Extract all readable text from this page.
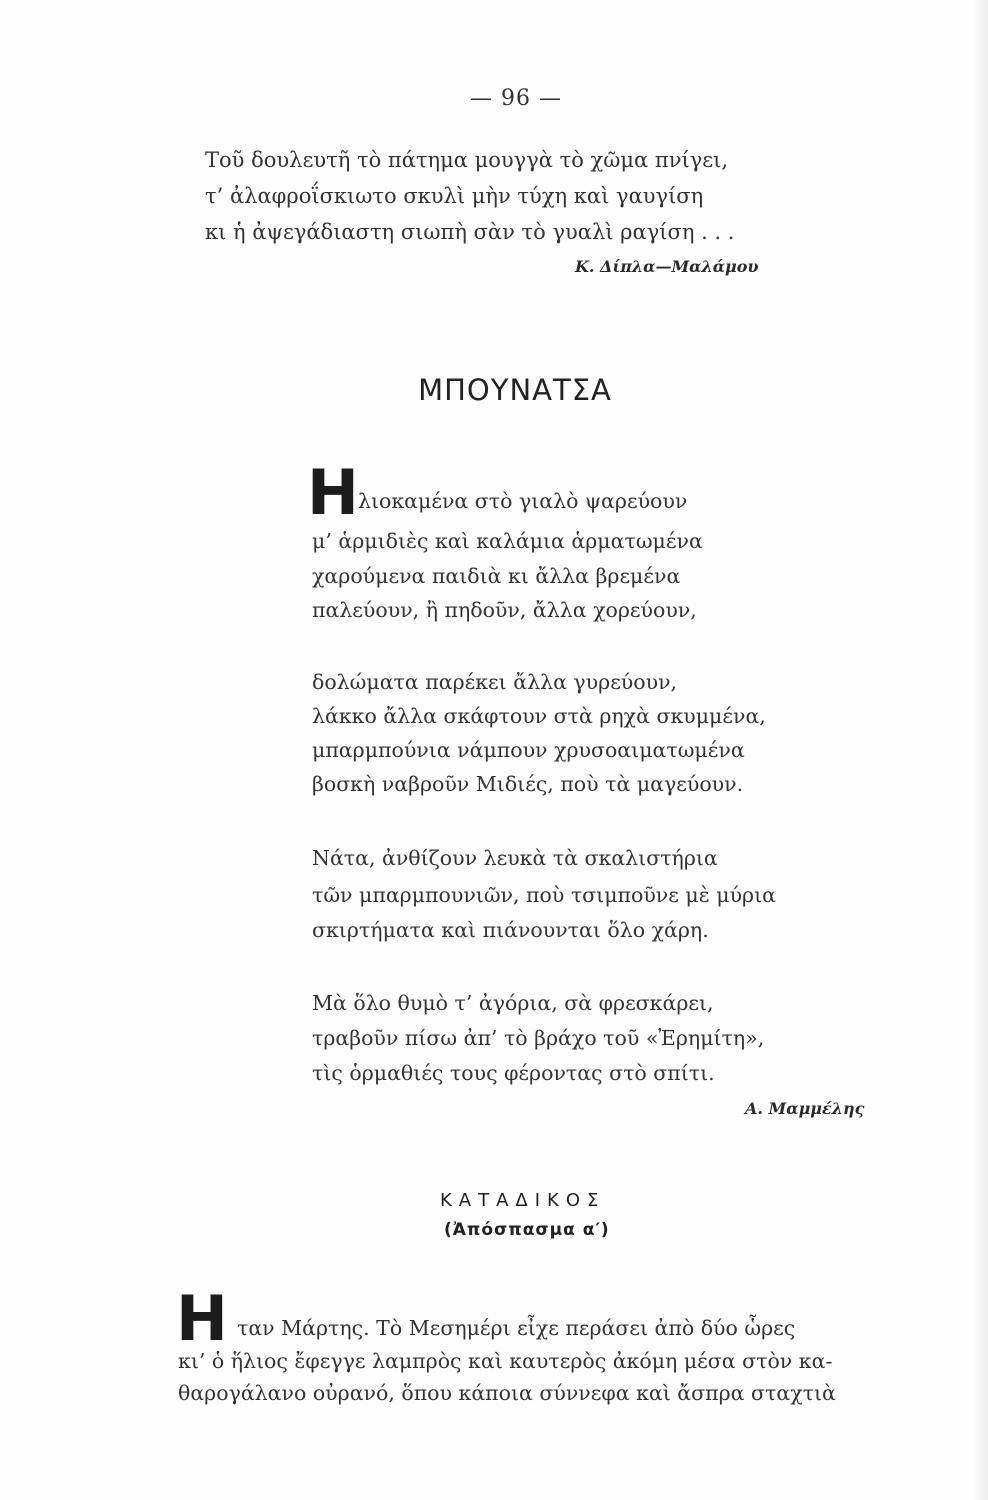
— 96 —
Τοῦ δουλευτῆ τὸ πάτημα μουγγὰ τὸ χῶμα πνίγει,
τ’ ἀλαφροΐσκιωτο σκυλὶ μὴν τύχη καὶ γαυγίση
κι ἡ ἀψεγάδιαστη σιωπὴ σὰν τὸ γυαλὶ ραγίση . . .
Κ. Δίπλα—Μαλάμου
ΜΠΟΥΝΑΤΣΑ
Η λιοκαμένα στὸ γιαλὸ ψαρεύουν
μ’ ἁρμιδιὲς καὶ καλάμια ἁρματωμένα
χαρούμενα παιδιὰ κι ἄλλα βρεμένα
παλεύουν, ἢ πηδοῦν, ἄλλα χορεύουν,
δολώματα παρέκει ἄλλα γυρεύουν,
λάκκο ἄλλα σκάφτουν στὰ ρηχὰ σκυμμένα,
μπαρμπούνια νάμπουν χρυσοαιματωμένα
βοσκὴ ναβροῦν Μιδιές, ποὺ τὰ μαγεύουν.
Νάτα, ἀνθίζουν λευκὰ τὰ σκαλιστήρια
τῶν μπαρμπουνιῶν, ποὺ τσιμποῦνε μὲ μύρια
σκιρτήματα καὶ πιάνουνται ὅλο χάρη.
Μὰ ὅλο θυμὸ τ’ ἀγόρια, σὰ φρεσκάρει,
τραβοῦν πίσω ἀπ’ τὸ βράχο τοῦ «Ἐρημίτη»,
τὶς ὁρμαθιές τους φέροντας στὸ σπίτι.
Α. Μαμμέλης
ΚΑΤΑΔΙΚΟΣ
(Ἀπόσπασμα α′)
Η ταν Μάρτης. Τὸ Μεσημέρι εἶχε περάσει ἀπὸ δύο ὧρες
κι’ ὁ ἥλιος ἔφεγγε λαμπρὸς καὶ καυτερὸς ἀκόμη μέσα στὸν κα-
θαρογάλανο οὐρανό, ὅπου κάποια σύννεφα καὶ ἄσπρα σταχτιὰ
